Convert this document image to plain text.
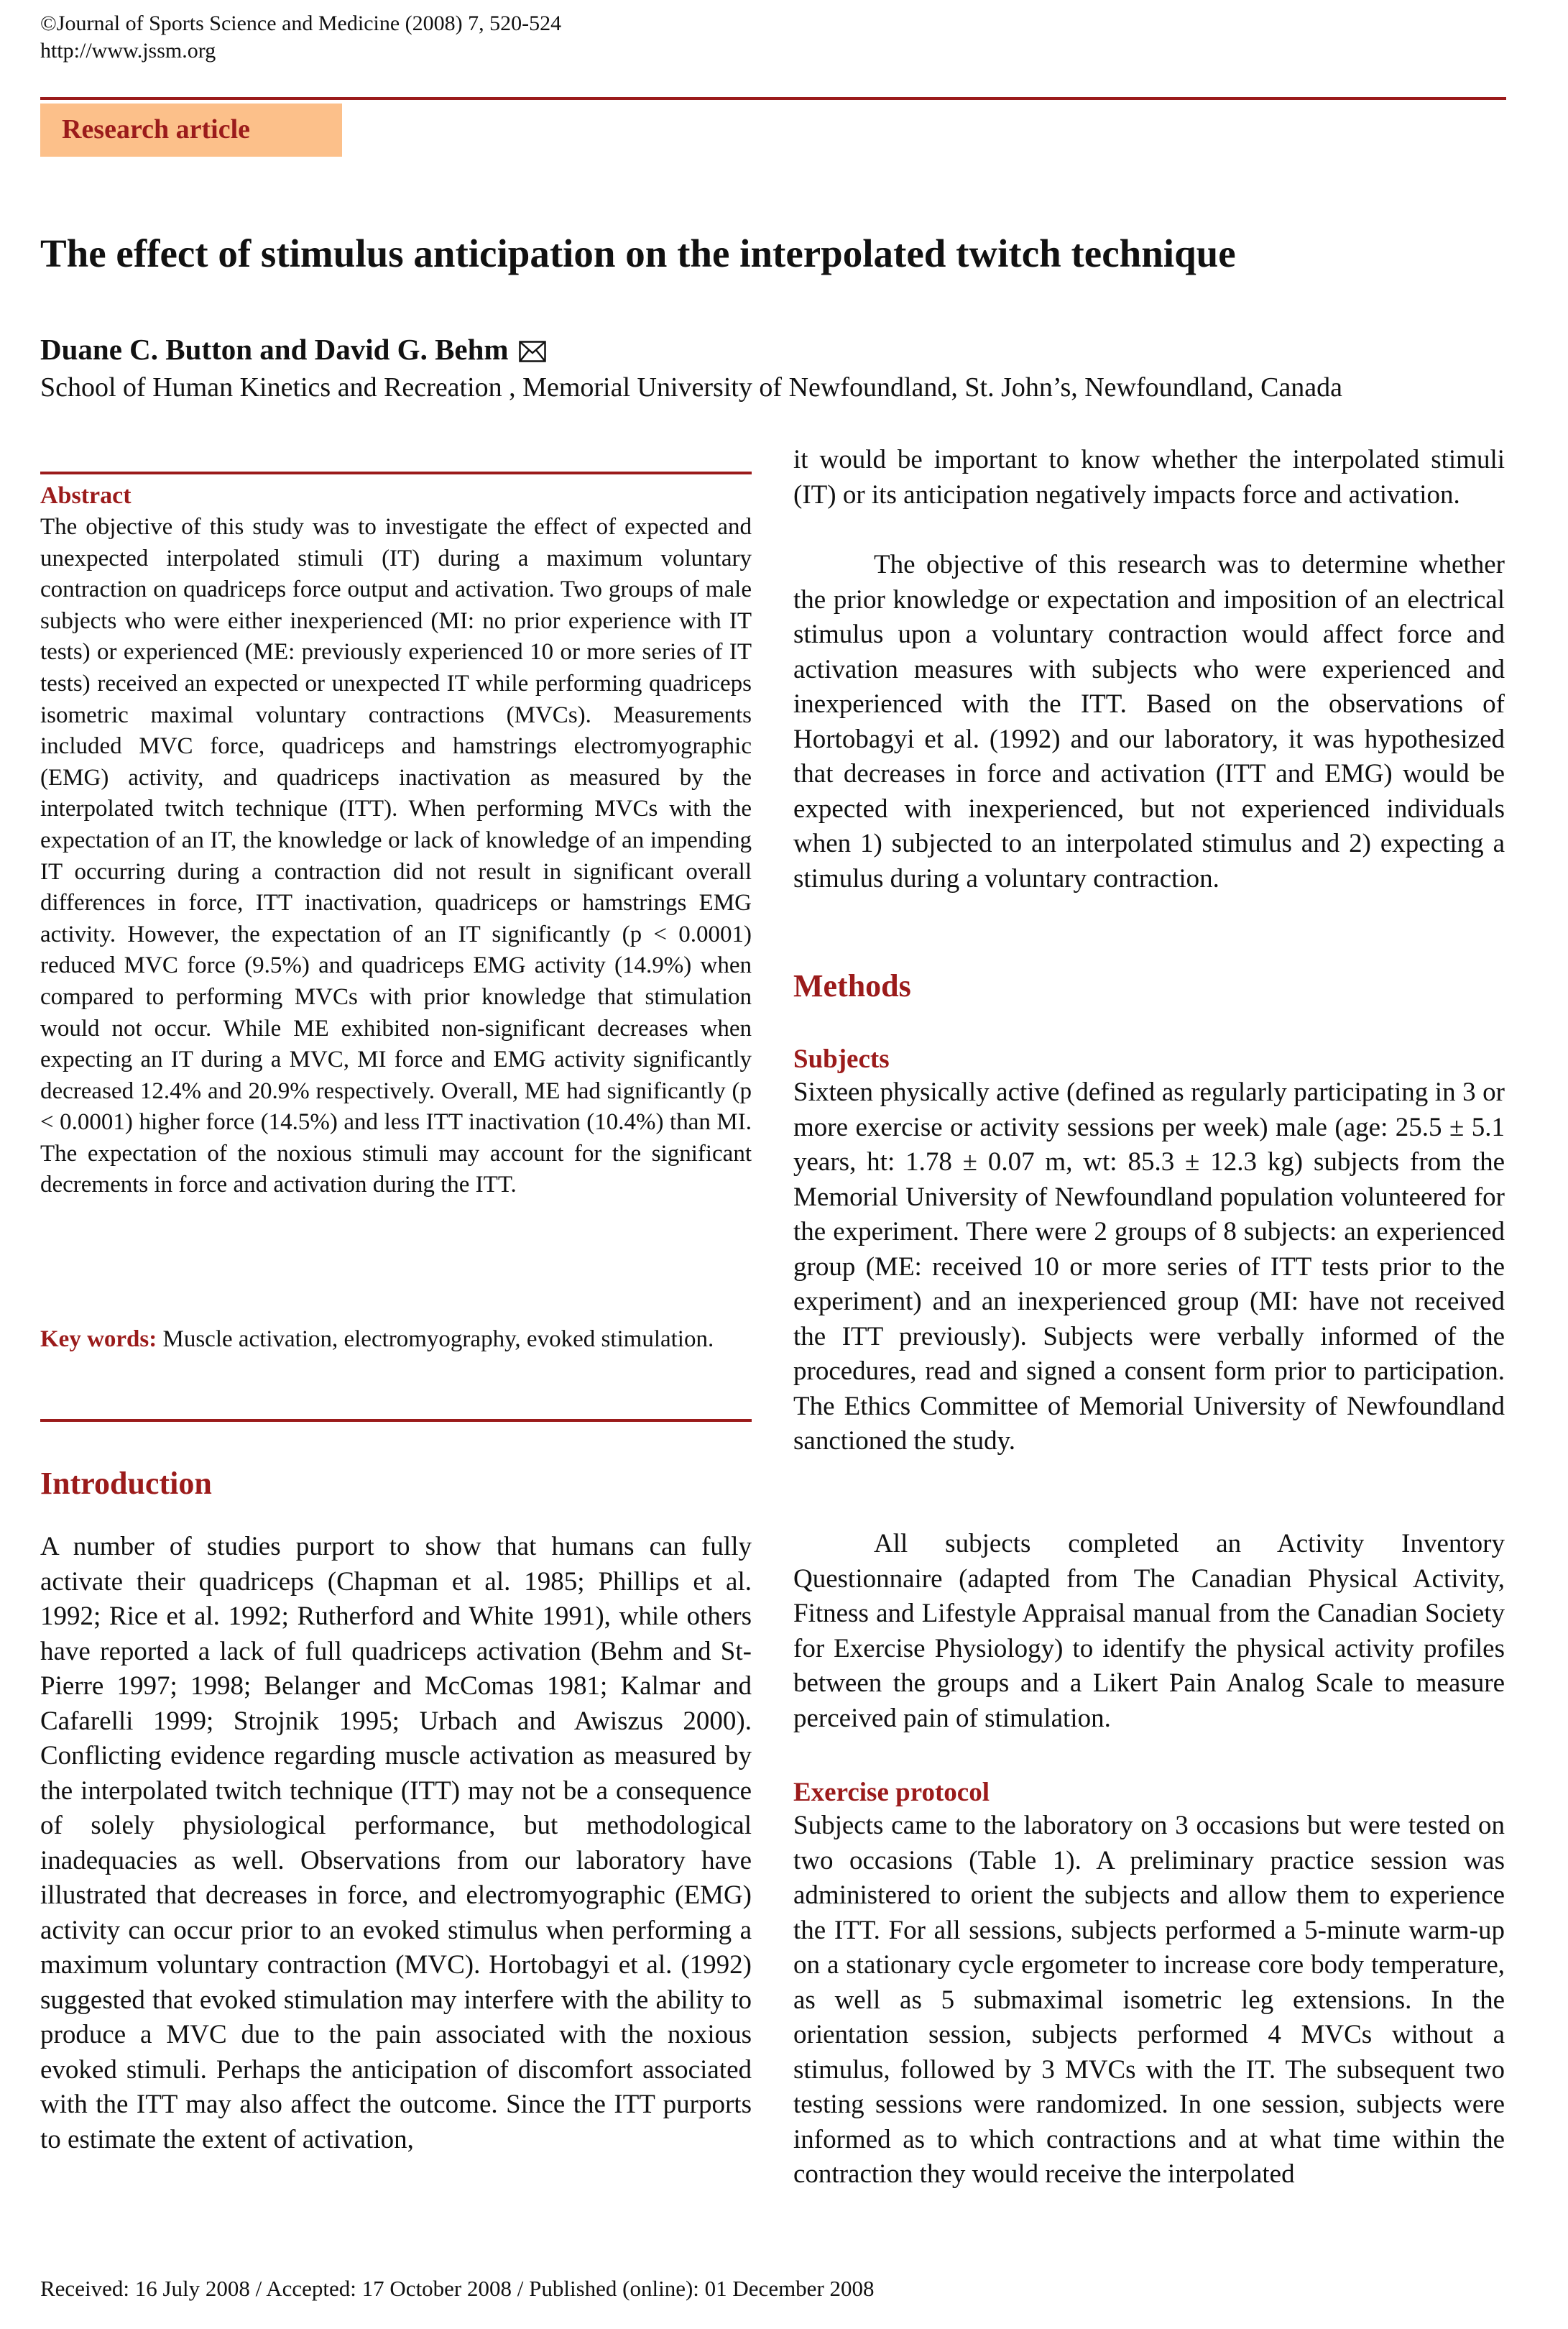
©Journal of Sports Science and Medicine (2008) 7, 520-524
http://www.jssm.org
Research article
The effect of stimulus anticipation on the interpolated twitch technique
Duane C. Button and David G. Behm
School of Human Kinetics and Recreation , Memorial University of Newfoundland, St. John’s, Newfoundland, Canada
Abstract
The objective of this study was to investigate the effect of expected and unexpected interpolated stimuli (IT) during a maximum voluntary contraction on quadriceps force output and activation. Two groups of male subjects who were either inexperienced (MI: no prior experience with IT tests) or experienced (ME: previously experienced 10 or more series of IT tests) received an expected or unexpected IT while performing quadriceps isometric maximal voluntary contractions (MVCs). Measurements included MVC force, quadriceps and hamstrings electromyographic (EMG) activity, and quadriceps inactivation as measured by the interpolated twitch technique (ITT). When performing MVCs with the expectation of an IT, the knowledge or lack of knowledge of an impending IT occurring during a contraction did not result in significant overall differences in force, ITT inactivation, quadriceps or hamstrings EMG activity. However, the expectation of an IT significantly (p < 0.0001) reduced MVC force (9.5%) and quadriceps EMG activity (14.9%) when compared to performing MVCs with prior knowledge that stimulation would not occur. While ME exhibited non-significant decreases when expecting an IT during a MVC, MI force and EMG activity significantly decreased 12.4% and 20.9% respectively. Overall, ME had significantly (p < 0.0001) higher force (14.5%) and less ITT inactivation (10.4%) than MI. The expectation of the noxious stimuli may account for the significant decrements in force and activation during the ITT.
Key words: Muscle activation, electromyography, evoked stimulation.
Introduction
A number of studies purport to show that humans can fully activate their quadriceps (Chapman et al. 1985; Phillips et al. 1992; Rice et al. 1992; Rutherford and White 1991), while others have reported a lack of full quadriceps activation (Behm and St-Pierre 1997; 1998; Belanger and McComas 1981; Kalmar and Cafarelli 1999; Strojnik 1995; Urbach and Awiszus 2000). Conflicting evidence regarding muscle activation as measured by the interpolated twitch technique (ITT) may not be a consequence of solely physiological performance, but methodological inadequacies as well. Observations from our laboratory have illustrated that decreases in force, and electromyographic (EMG) activity can occur prior to an evoked stimulus when performing a maximum voluntary contraction (MVC). Hortobagyi et al. (1992) suggested that evoked stimulation may interfere with the ability to produce a MVC due to the pain associated with the noxious evoked stimuli. Perhaps the anticipation of discomfort associated with the ITT may also affect the outcome. Since the ITT purports to estimate the extent of activation,
it would be important to know whether the interpolated stimuli (IT) or its anticipation negatively impacts force and activation.
The objective of this research was to determine whether the prior knowledge or expectation and imposition of an electrical stimulus upon a voluntary contraction would affect force and activation measures with subjects who were experienced and inexperienced with the ITT. Based on the observations of Hortobagyi et al. (1992) and our laboratory, it was hypothesized that decreases in force and activation (ITT and EMG) would be expected with inexperienced, but not experienced individuals when 1) subjected to an interpolated stimulus and 2) expecting a stimulus during a voluntary contraction.
Methods
Subjects
Sixteen physically active (defined as regularly participating in 3 or more exercise or activity sessions per week) male (age: 25.5 ± 5.1 years, ht: 1.78 ± 0.07 m, wt: 85.3 ± 12.3 kg) subjects from the Memorial University of Newfoundland population volunteered for the experiment. There were 2 groups of 8 subjects: an experienced group (ME: received 10 or more series of ITT tests prior to the experiment) and an inexperienced group (MI: have not received the ITT previously). Subjects were verbally informed of the procedures, read and signed a consent form prior to participation. The Ethics Committee of Memorial University of Newfoundland sanctioned the study.
All subjects completed an Activity Inventory Questionnaire (adapted from The Canadian Physical Activity, Fitness and Lifestyle Appraisal manual from the Canadian Society for Exercise Physiology) to identify the physical activity profiles between the groups and a Likert Pain Analog Scale to measure perceived pain of stimulation.
Exercise protocol
Subjects came to the laboratory on 3 occasions but were tested on two occasions (Table 1). A preliminary practice session was administered to orient the subjects and allow them to experience the ITT. For all sessions, subjects performed a 5-minute warm-up on a stationary cycle ergometer to increase core body temperature, as well as 5 submaximal isometric leg extensions. In the orientation session, subjects performed 4 MVCs without a stimulus, followed by 3 MVCs with the IT. The subsequent two testing sessions were randomized. In one session, subjects were informed as to which contractions and at what time within the contraction they would receive the interpolated
Received: 16 July 2008 / Accepted: 17 October 2008 / Published (online): 01 December 2008
